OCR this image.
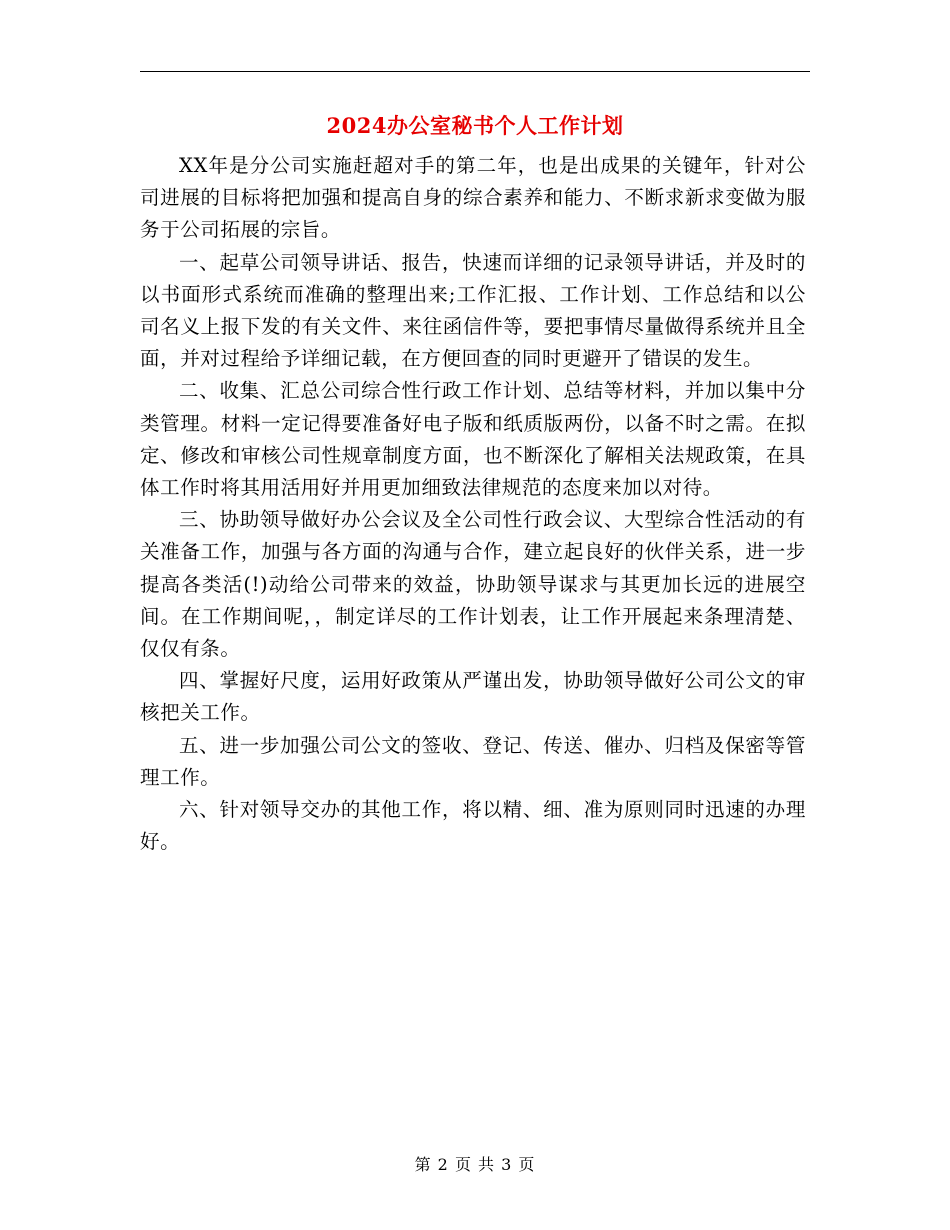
2024办公室秘书个人工作计划

XX年是分公司实施赶超对手的第二年，也是出成果的关键年，针对公司进展的目标将把加强和提高自身的综合素养和能力、不断求新求变做为服务于公司拓展的宗旨。

一、起草公司领导讲话、报告，快速而详细的记录领导讲话，并及时的以书面形式系统而准确的整理出来;工作汇报、工作计划、工作总结和以公司名义上报下发的有关文件、来往函信件等，要把事情尽量做得系统并且全面，并对过程给予详细记载，在方便回查的同时更避开了错误的发生。

二、收集、汇总公司综合性行政工作计划、总结等材料，并加以集中分类管理。材料一定记得要准备好电子版和纸质版两份，以备不时之需。在拟定、修改和审核公司性规章制度方面，也不断深化了解相关法规政策，在具体工作时将其用活用好并用更加细致法律规范的态度来加以对待。

三、协助领导做好办公会议及全公司性行政会议、大型综合性活动的有关准备工作，加强与各方面的沟通与合作，建立起良好的伙伴关系，进一步提高各类活(!)动给公司带来的效益，协助领导谋求与其更加长远的进展空间。在工作期间呢，，制定详尽的工作计划表，让工作开展起来条理清楚、仅仅有条。

四、掌握好尺度，运用好政策从严谨出发，协助领导做好公司公文的审核把关工作。

五、进一步加强公司公文的签收、登记、传送、催办、归档及保密等管理工作。

六、针对领导交办的其他工作，将以精、细、准为原则同时迅速的办理好。

第 2 页 共 3 页
